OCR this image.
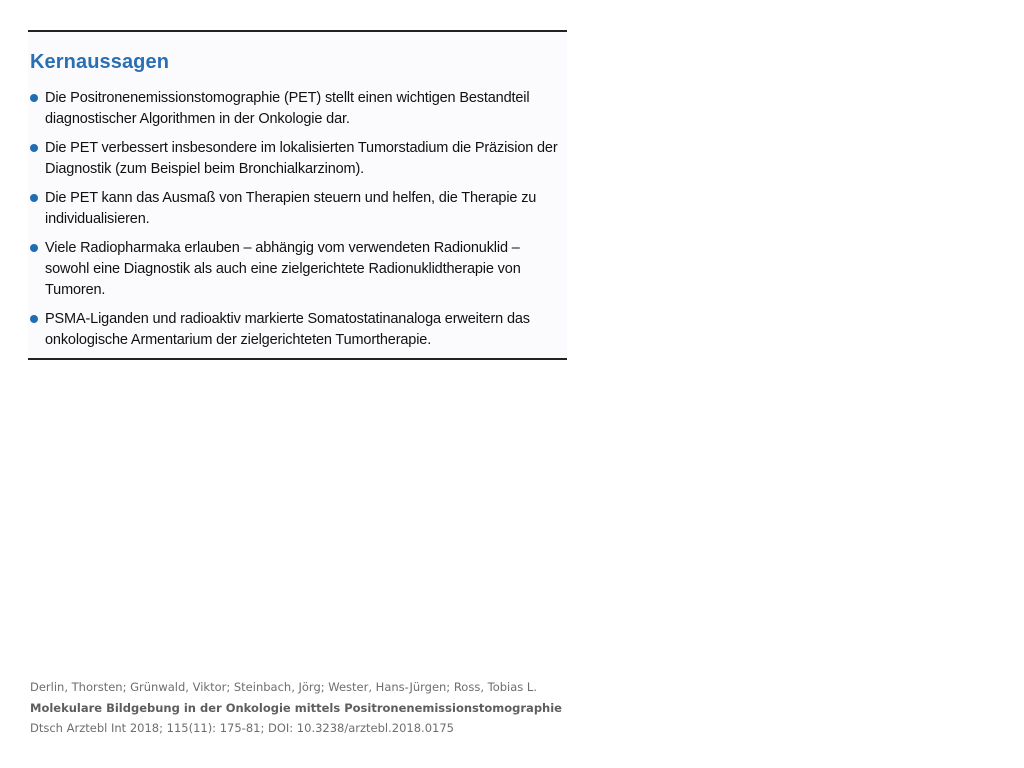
Kernaussagen
Die Positronenemissionstomographie (PET) stellt einen wichtigen Bestandteil diagnostischer Algorithmen in der Onkologie dar.
Die PET verbessert insbesondere im lokalisierten Tumorstadium die Präzision der Diagnostik (zum Beispiel beim Bronchialkarzinom).
Die PET kann das Ausmaß von Therapien steuern und helfen, die Therapie zu individualisieren.
Viele Radiopharmaka erlauben – abhängig vom verwendeten Radionuklid – sowohl eine Diagnostik als auch eine zielgerichtete Radionuklidtherapie von Tumoren.
PSMA-Liganden und radioaktiv markierte Somatostatinanaloga erweitern das onkologische Armentarium der zielgerichteten Tumortherapie.
Derlin, Thorsten; Grünwald, Viktor; Steinbach, Jörg; Wester, Hans-Jürgen; Ross, Tobias L.
Molekulare Bildgebung in der Onkologie mittels Positronenemissionstomographie
Dtsch Arztebl Int 2018; 115(11): 175-81; DOI: 10.3238/arztebl.2018.0175
